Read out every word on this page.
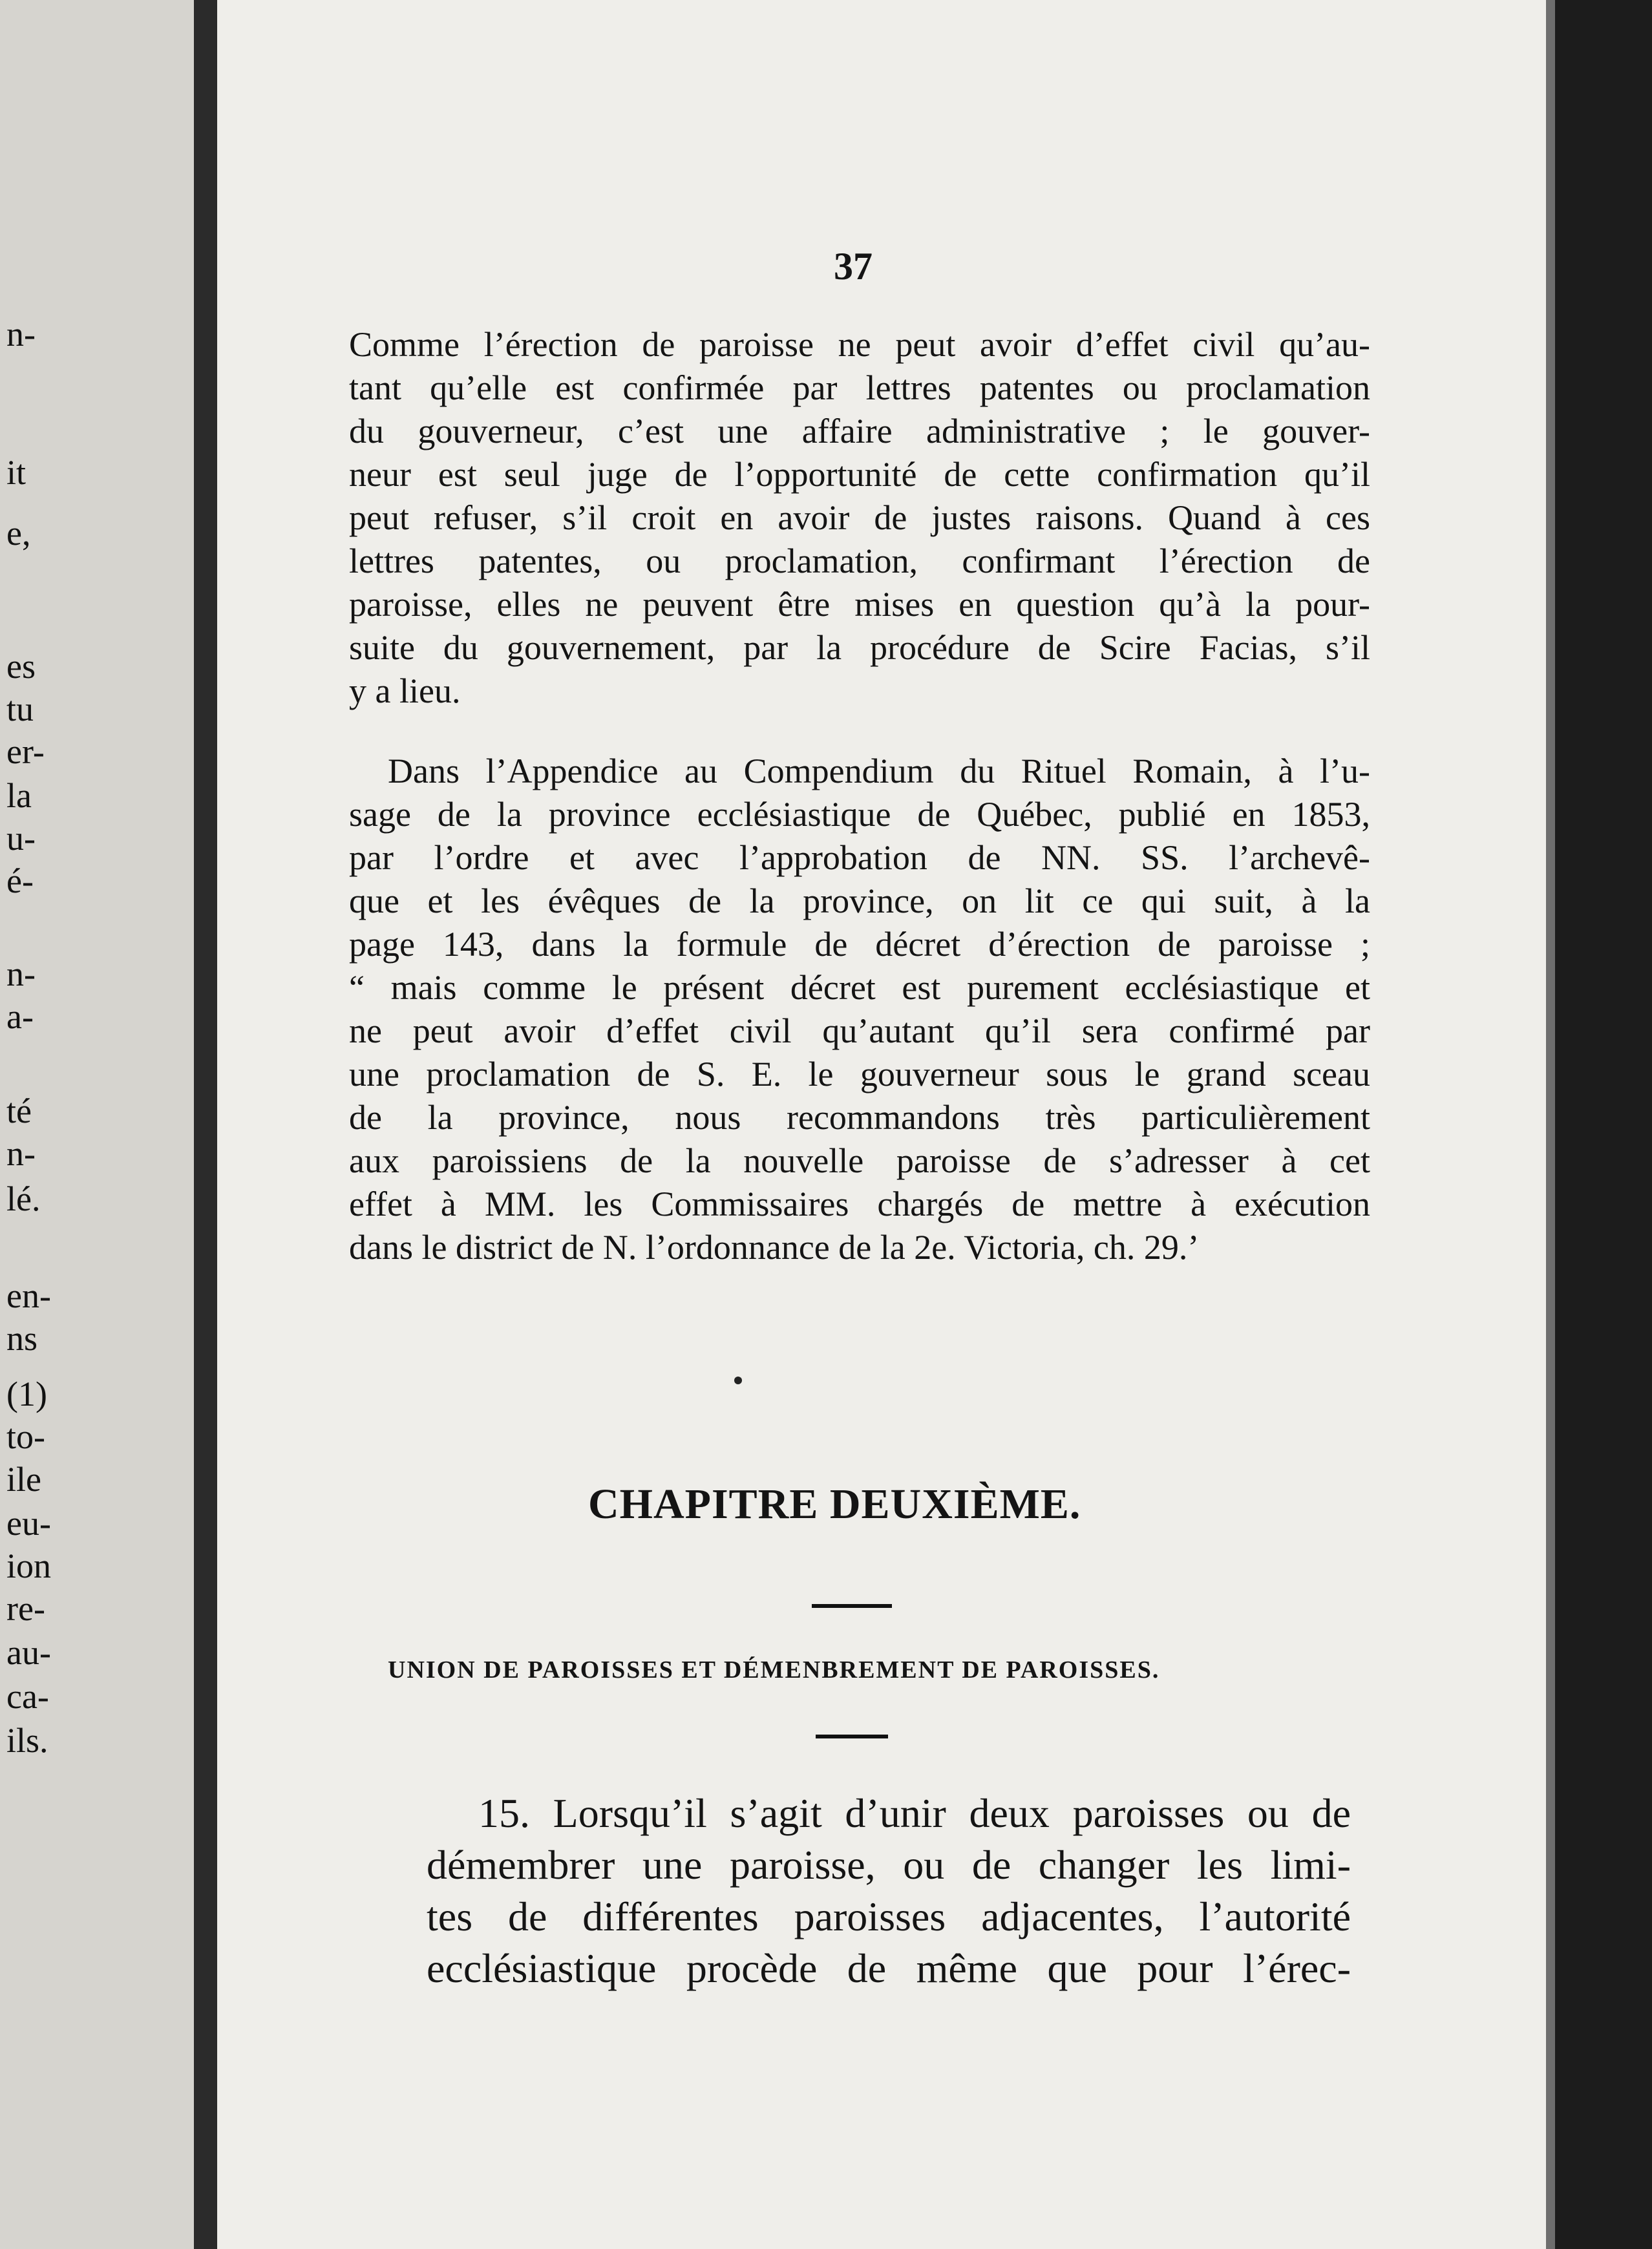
n-
it
e,
es
tu
er-
la
u-
é-
n-
a-
té
n-
lé.
en-
ns
(1)
to-
ile
eu-
ion
re-
au-
ca-
ils.
37
Comme l’érection de paroisse ne peut avoir d’effet civil qu’au-
tant qu’elle est confirmée par lettres patentes ou proclamation
du gouverneur, c’est une affaire administrative ; le gouver-
neur est seul juge de l’opportunité de cette confirmation qu’il
peut refuser, s’il croit en avoir de justes raisons. Quand à ces
lettres patentes, ou proclamation, confirmant l’érection de
paroisse, elles ne peuvent être mises en question qu’à la pour-
suite du gouvernement, par la procédure de Scire Facias, s’il
y a lieu.
Dans l’Appendice au Compendium du Rituel Romain, à l’u-
sage de la province ecclésiastique de Québec, publié en 1853,
par l’ordre et avec l’approbation de NN. SS. l’archevê-
que et les évêques de la province, on lit ce qui suit, à la
page 143, dans la formule de décret d’érection de paroisse ;
“ mais comme le présent décret est purement ecclésiastique et
ne peut avoir d’effet civil qu’autant qu’il sera confirmé par
une proclamation de S. E. le gouverneur sous le grand sceau
de la province, nous recommandons très particulièrement
aux paroissiens de la nouvelle paroisse de s’adresser à cet
effet à MM. les Commissaires chargés de mettre à exécution
dans le district de N. l’ordonnance de la 2e. Victoria, ch. 29.’
CHAPITRE DEUXIÈME.
UNION DE PAROISSES ET DÉMENBREMENT DE PAROISSES.
15. Lorsqu’il s’agit d’unir deux paroisses ou de
démembrer une paroisse, ou de changer les limi-
tes de différentes paroisses adjacentes, l’autorité
ecclésiastique procède de même que pour l’érec-
